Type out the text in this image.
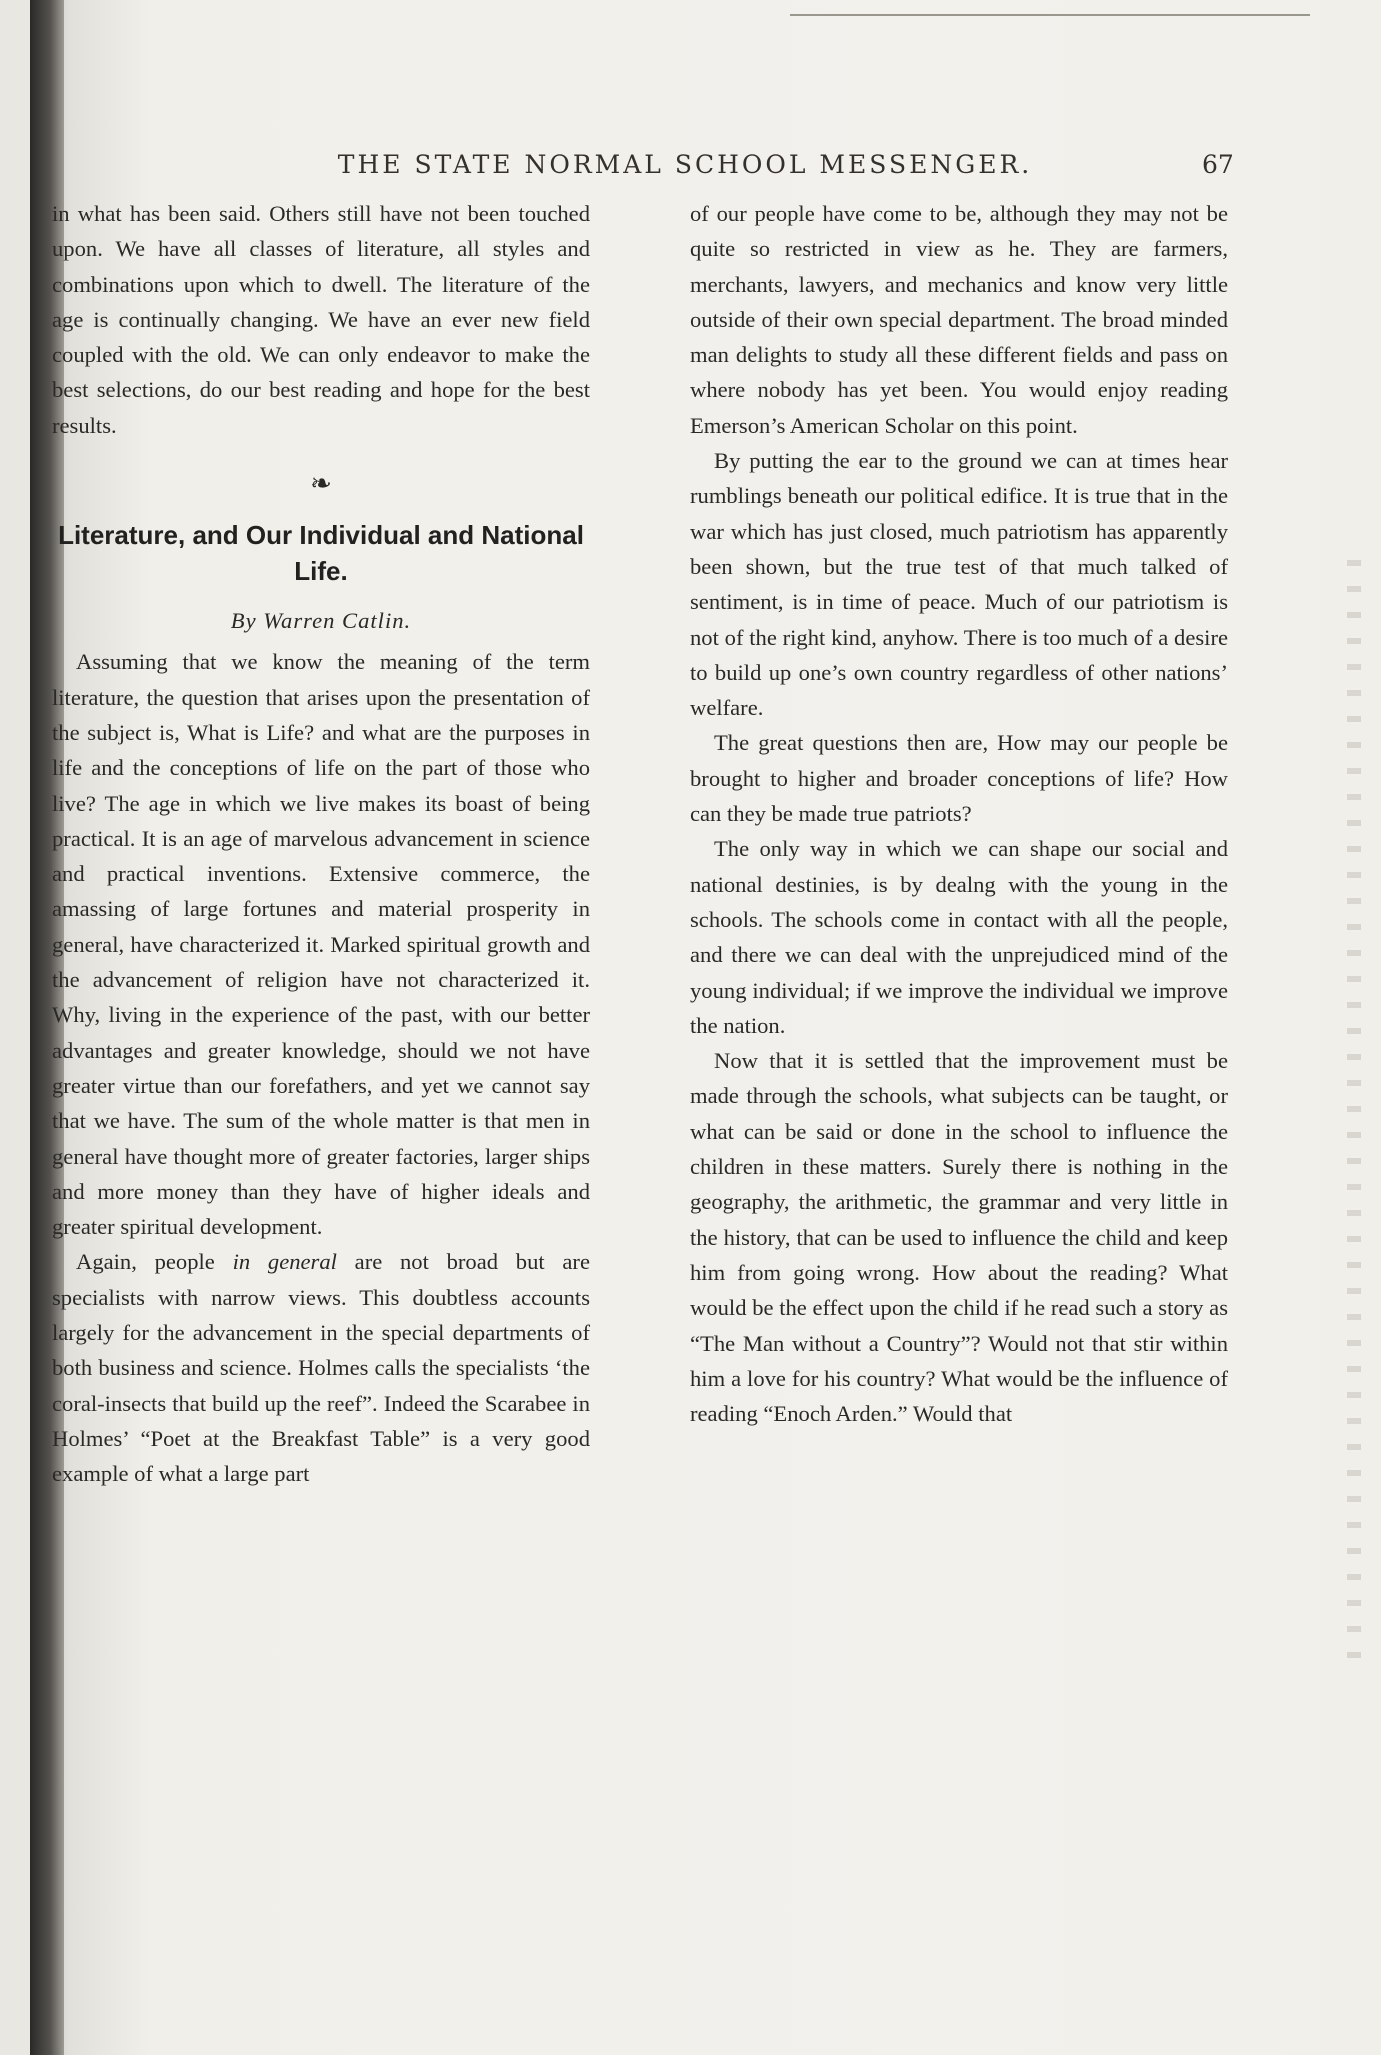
THE STATE NORMAL SCHOOL MESSENGER.	67

in what has been said. Others still have not been touched upon. We have all classes of literature, all styles and combinations upon which to dwell. The literature of the age is continually changing. We have an ever new field coupled with the old. We can only endeavor to make the best selections, do our best reading and hope for the best results.

❧
Literature, and Our Individual and National Life.
By Warren Catlin.

Assuming that we know the meaning of the term literature, the question that arises upon the presentation of the subject is, What is Life? and what are the purposes in life and the conceptions of life on the part of those who live? The age in which we live makes its boast of being practical. It is an age of marvelous advancement in science and practical inventions. Extensive commerce, the amassing of large fortunes and material prosperity in general, have characterized it. Marked spiritual growth and the advancement of religion have not characterized it. Why, living in the experience of the past, with our better advantages and greater knowledge, should we not have greater virtue than our forefathers, and yet we cannot say that we have. The sum of the whole matter is that men in general have thought more of greater factories, larger ships and more money than they have of higher ideals and greater spiritual development.

Again, people in general are not broad but are specialists with narrow views. This doubtless accounts largely for the advancement in the special departments of both business and science. Holmes calls the specialists ‘the coral-insects that build up the reef”. Indeed the Scarabee in Holmes’ “Poet at the Breakfast Table” is a very good example of what a large part

of our people have come to be, although they may not be quite so restricted in view as he. They are farmers, merchants, lawyers, and mechanics and know very little outside of their own special department. The broad minded man delights to study all these different fields and pass on where nobody has yet been. You would enjoy reading Emerson’s American Scholar on this point.

By putting the ear to the ground we can at times hear rumblings beneath our political edifice. It is true that in the war which has just closed, much patriotism has apparently been shown, but the true test of that much talked of sentiment, is in time of peace. Much of our patriotism is not of the right kind, anyhow. There is too much of a desire to build up one’s own country regardless of other nations’ welfare.

The great questions then are, How may our people be brought to higher and broader conceptions of life? How can they be made true patriots?

The only way in which we can shape our social and national destinies, is by dealng with the young in the schools. The schools come in contact with all the people, and there we can deal with the unprejudiced mind of the young individual; if we improve the individual we improve the nation.

Now that it is settled that the improvement must be made through the schools, what subjects can be taught, or what can be said or done in the school to influence the children in these matters. Surely there is nothing in the geography, the arithmetic, the grammar and very little in the history, that can be used to influence the child and keep him from going wrong. How about the reading? What would be the effect upon the child if he read such a story as “The Man without a Country”? Would not that stir within him a love for his country? What would be the influence of reading “Enoch Arden.” Would that
